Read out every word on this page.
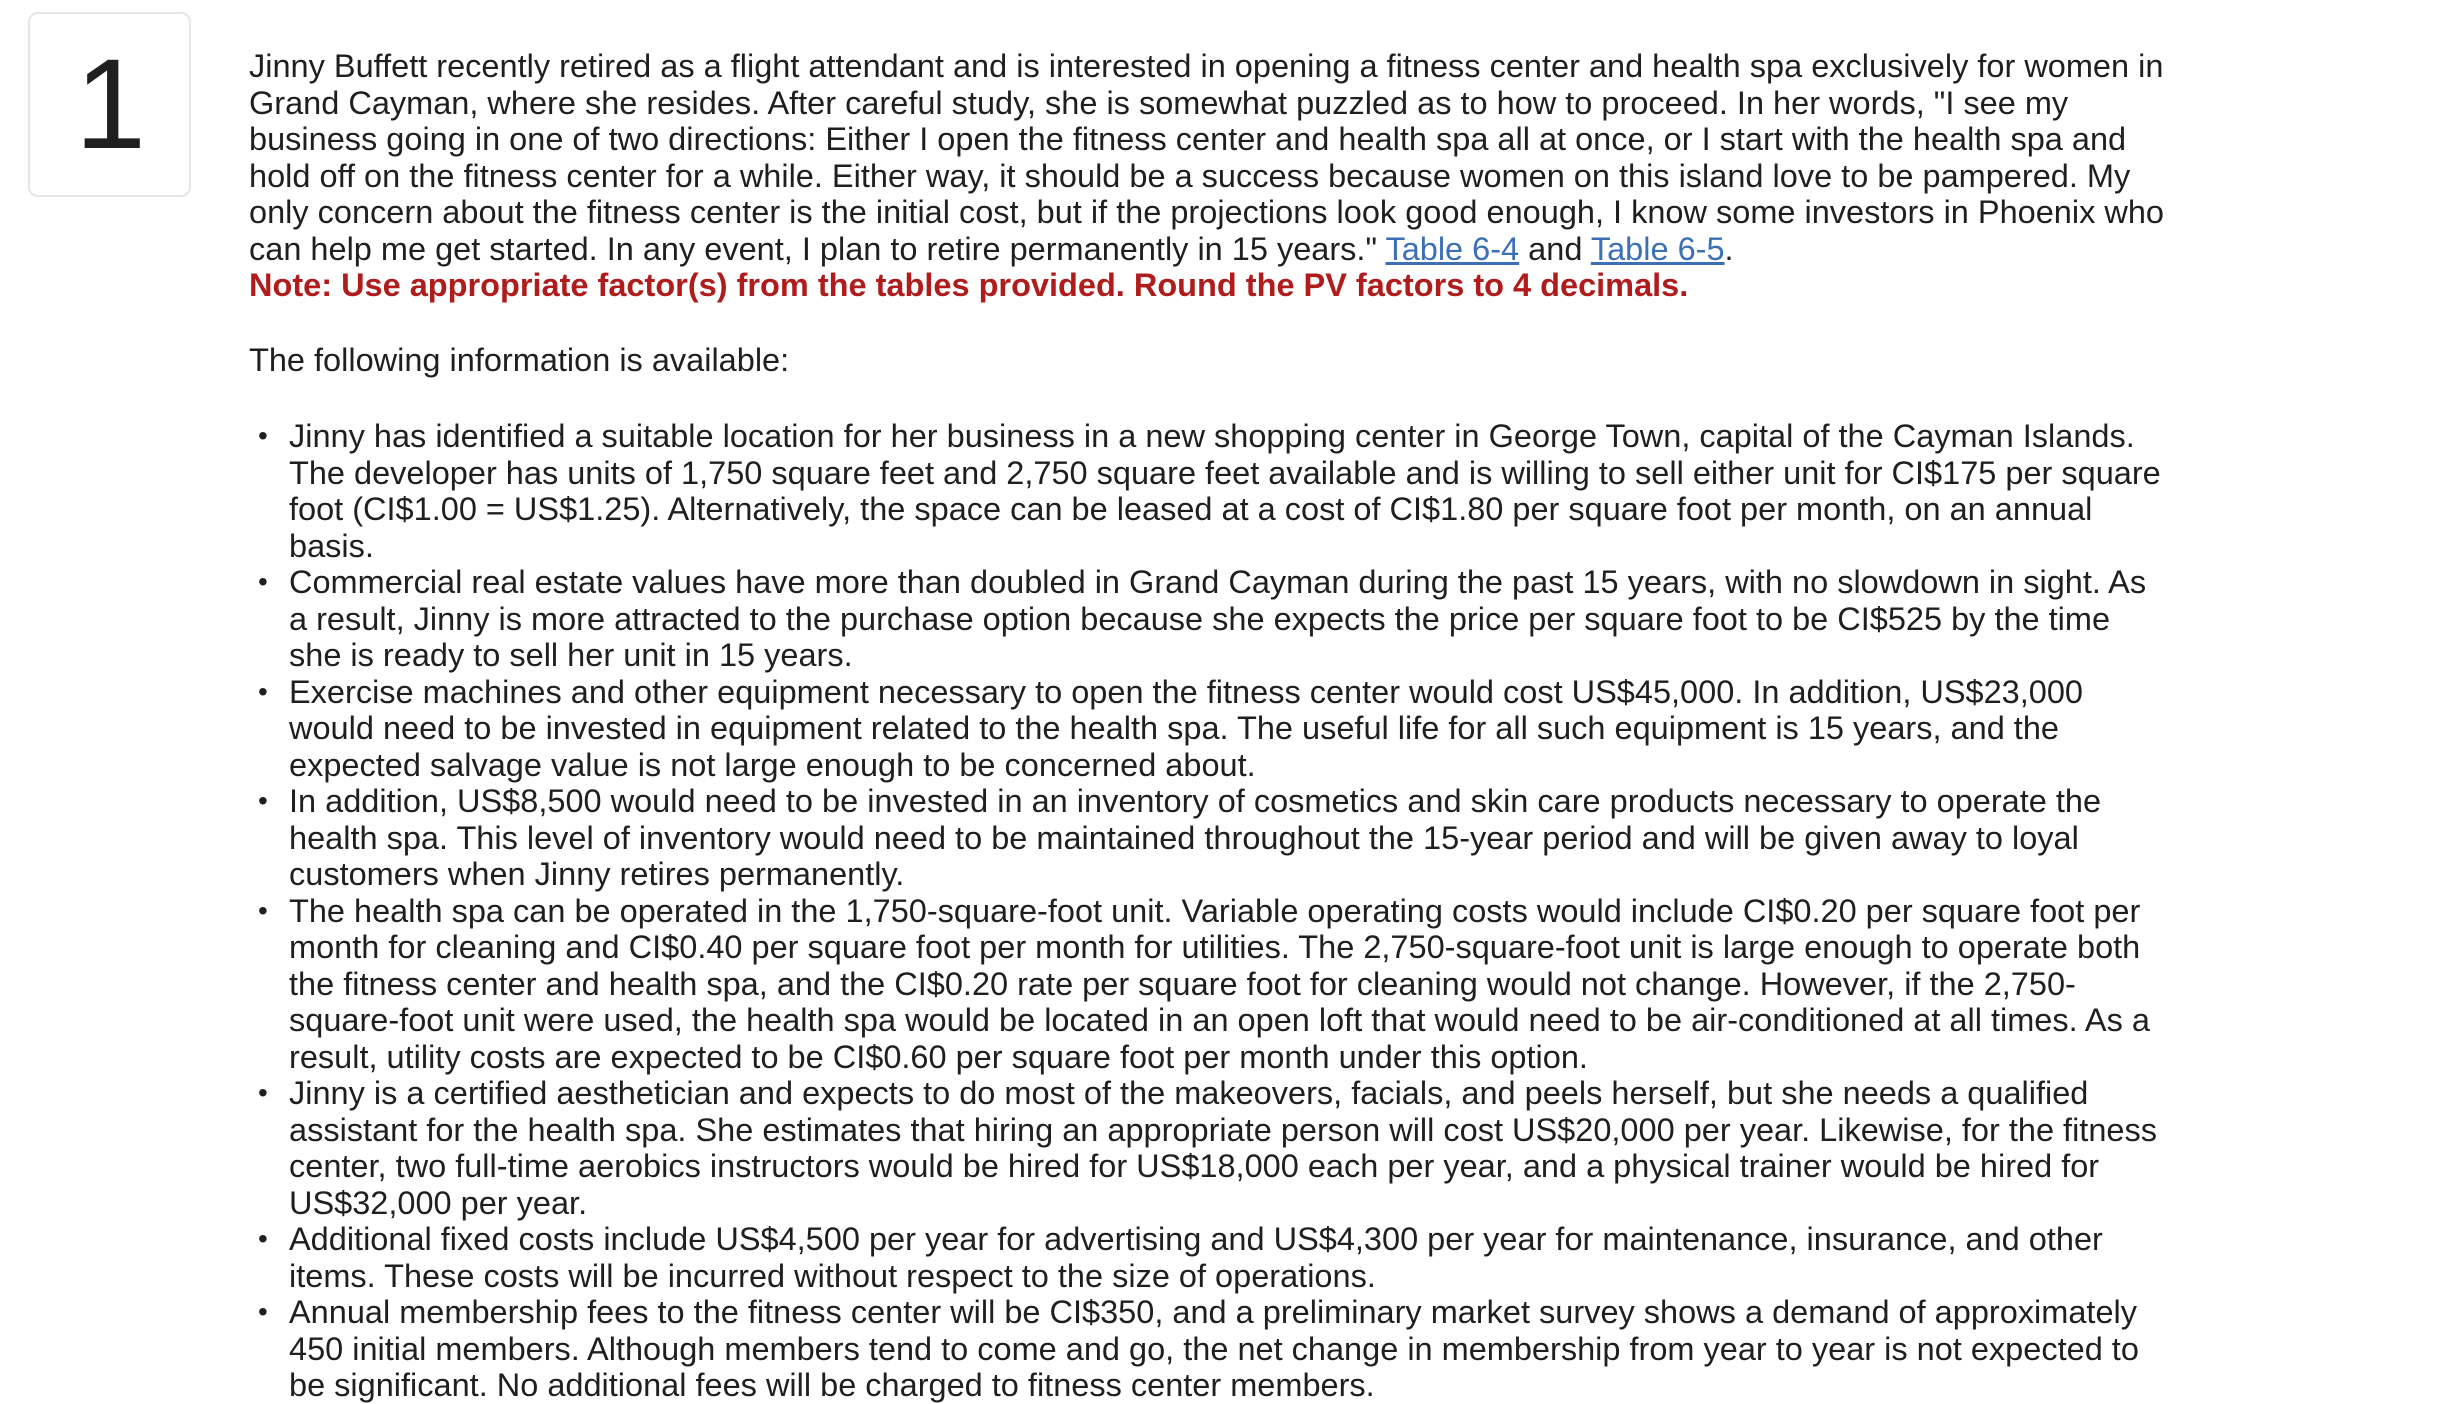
1	Jinny Buffett recently retired as a flight attendant and is interested in opening a fitness center and health spa exclusively for women in Grand Cayman, where she resides. After careful study, she is somewhat puzzled as to how to proceed. In her words, "I see my business going in one of two directions: Either I open the fitness center and health spa all at once, or I start with the health spa and hold off on the fitness center for a while. Either way, it should be a success because women on this island love to be pampered. My only concern about the fitness center is the initial cost, but if the projections look good enough, I know some investors in Phoenix who can help me get started. In any event, I plan to retire permanently in 15 years." Table 6-4 and Table 6-5.

Note: Use appropriate factor(s) from the tables provided. Round the PV factors to 4 decimals.

The following information is available:

• Jinny has identified a suitable location for her business in a new shopping center in George Town, capital of the Cayman Islands. The developer has units of 1,750 square feet and 2,750 square feet available and is willing to sell either unit for CI$175 per square foot (CI$1.00 = US$1.25). Alternatively, the space can be leased at a cost of CI$1.80 per square foot per month, on an annual basis.
• Commercial real estate values have more than doubled in Grand Cayman during the past 15 years, with no slowdown in sight. As a result, Jinny is more attracted to the purchase option because she expects the price per square foot to be CI$525 by the time she is ready to sell her unit in 15 years.
• Exercise machines and other equipment necessary to open the fitness center would cost US$45,000. In addition, US$23,000 would need to be invested in equipment related to the health spa. The useful life for all such equipment is 15 years, and the expected salvage value is not large enough to be concerned about.
• In addition, US$8,500 would need to be invested in an inventory of cosmetics and skin care products necessary to operate the health spa. This level of inventory would need to be maintained throughout the 15-year period and will be given away to loyal customers when Jinny retires permanently.
• The health spa can be operated in the 1,750-square-foot unit. Variable operating costs would include CI$0.20 per square foot per month for cleaning and CI$0.40 per square foot per month for utilities. The 2,750-square-foot unit is large enough to operate both the fitness center and health spa, and the CI$0.20 rate per square foot for cleaning would not change. However, if the 2,750-square-foot unit were used, the health spa would be located in an open loft that would need to be air-conditioned at all times. As a result, utility costs are expected to be CI$0.60 per square foot per month under this option.
• Jinny is a certified aesthetician and expects to do most of the makeovers, facials, and peels herself, but she needs a qualified assistant for the health spa. She estimates that hiring an appropriate person will cost US$20,000 per year. Likewise, for the fitness center, two full-time aerobics instructors would be hired for US$18,000 each per year, and a physical trainer would be hired for US$32,000 per year.
• Additional fixed costs include US$4,500 per year for advertising and US$4,300 per year for maintenance, insurance, and other items. These costs will be incurred without respect to the size of operations.
• Annual membership fees to the fitness center will be CI$350, and a preliminary market survey shows a demand of approximately 450 initial members. Although members tend to come and go, the net change in membership from year to year is not expected to be significant. No additional fees will be charged to fitness center members.
